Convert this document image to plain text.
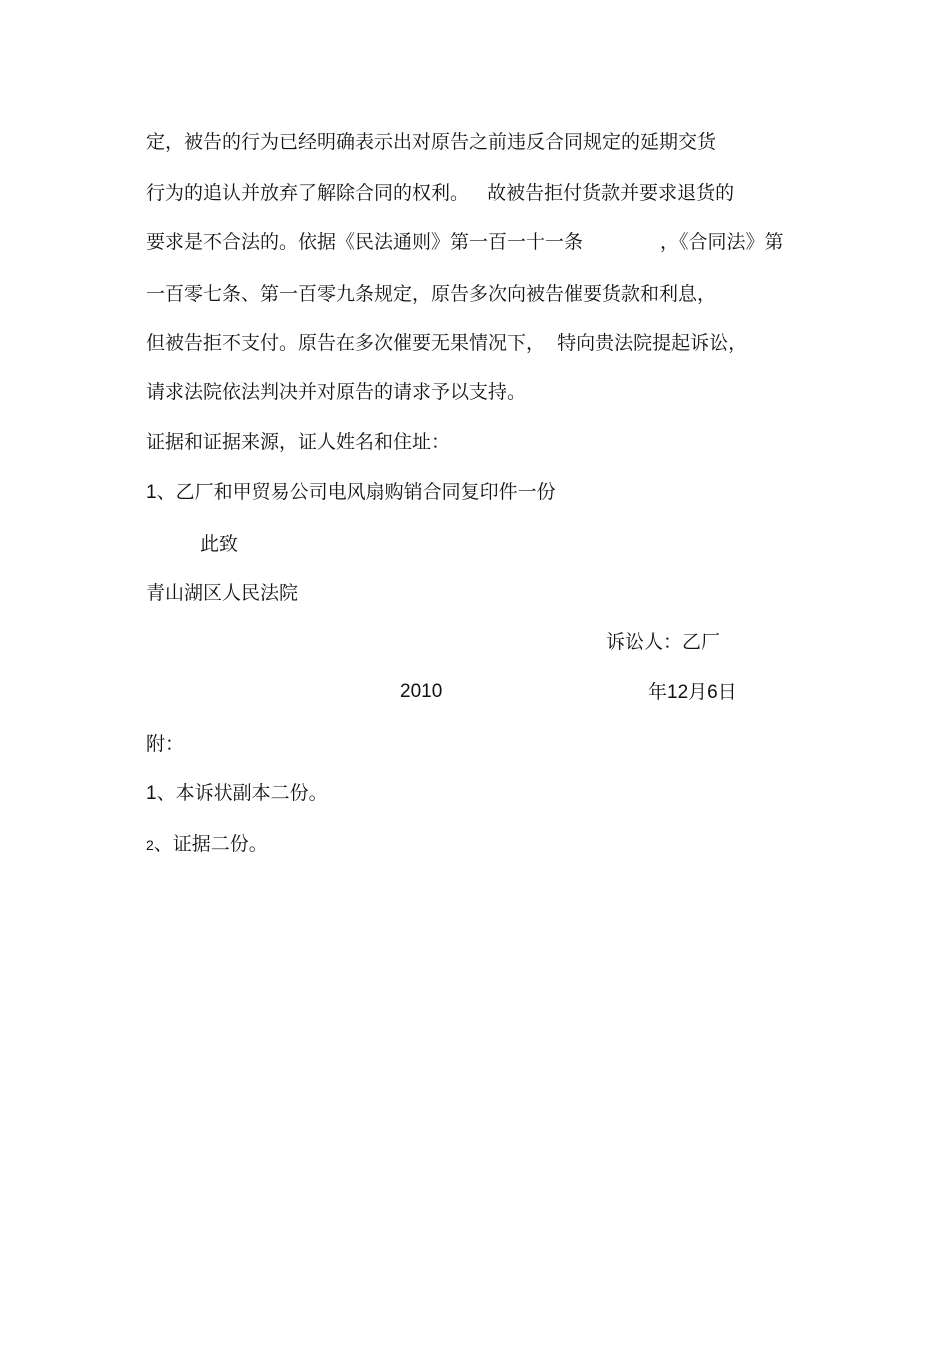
定，被告的行为已经明确表示出对原告之前违反合同规定的延期交货
行为的追认并放弃了解除合同的权利。   故被告拒付货款并要求退货的
要求是不合法的。依据《民法通则》第一百一十一条	，《合同法》第
一百零七条、第一百零九条规定，原告多次向被告催要货款和利息，
但被告拒不支付。原告在多次催要无果情况下，  特向贵法院提起诉讼，
请求法院依法判决并对原告的请求予以支持。
证据和证据来源，证人姓名和住址：
1、乙厂和甲贸易公司电风扇购销合同复印件一份
此致
青山湖区人民法院
诉讼人：乙厂
2010	年12月6日
附：
1、本诉状副本二份。
2、证据二份。
